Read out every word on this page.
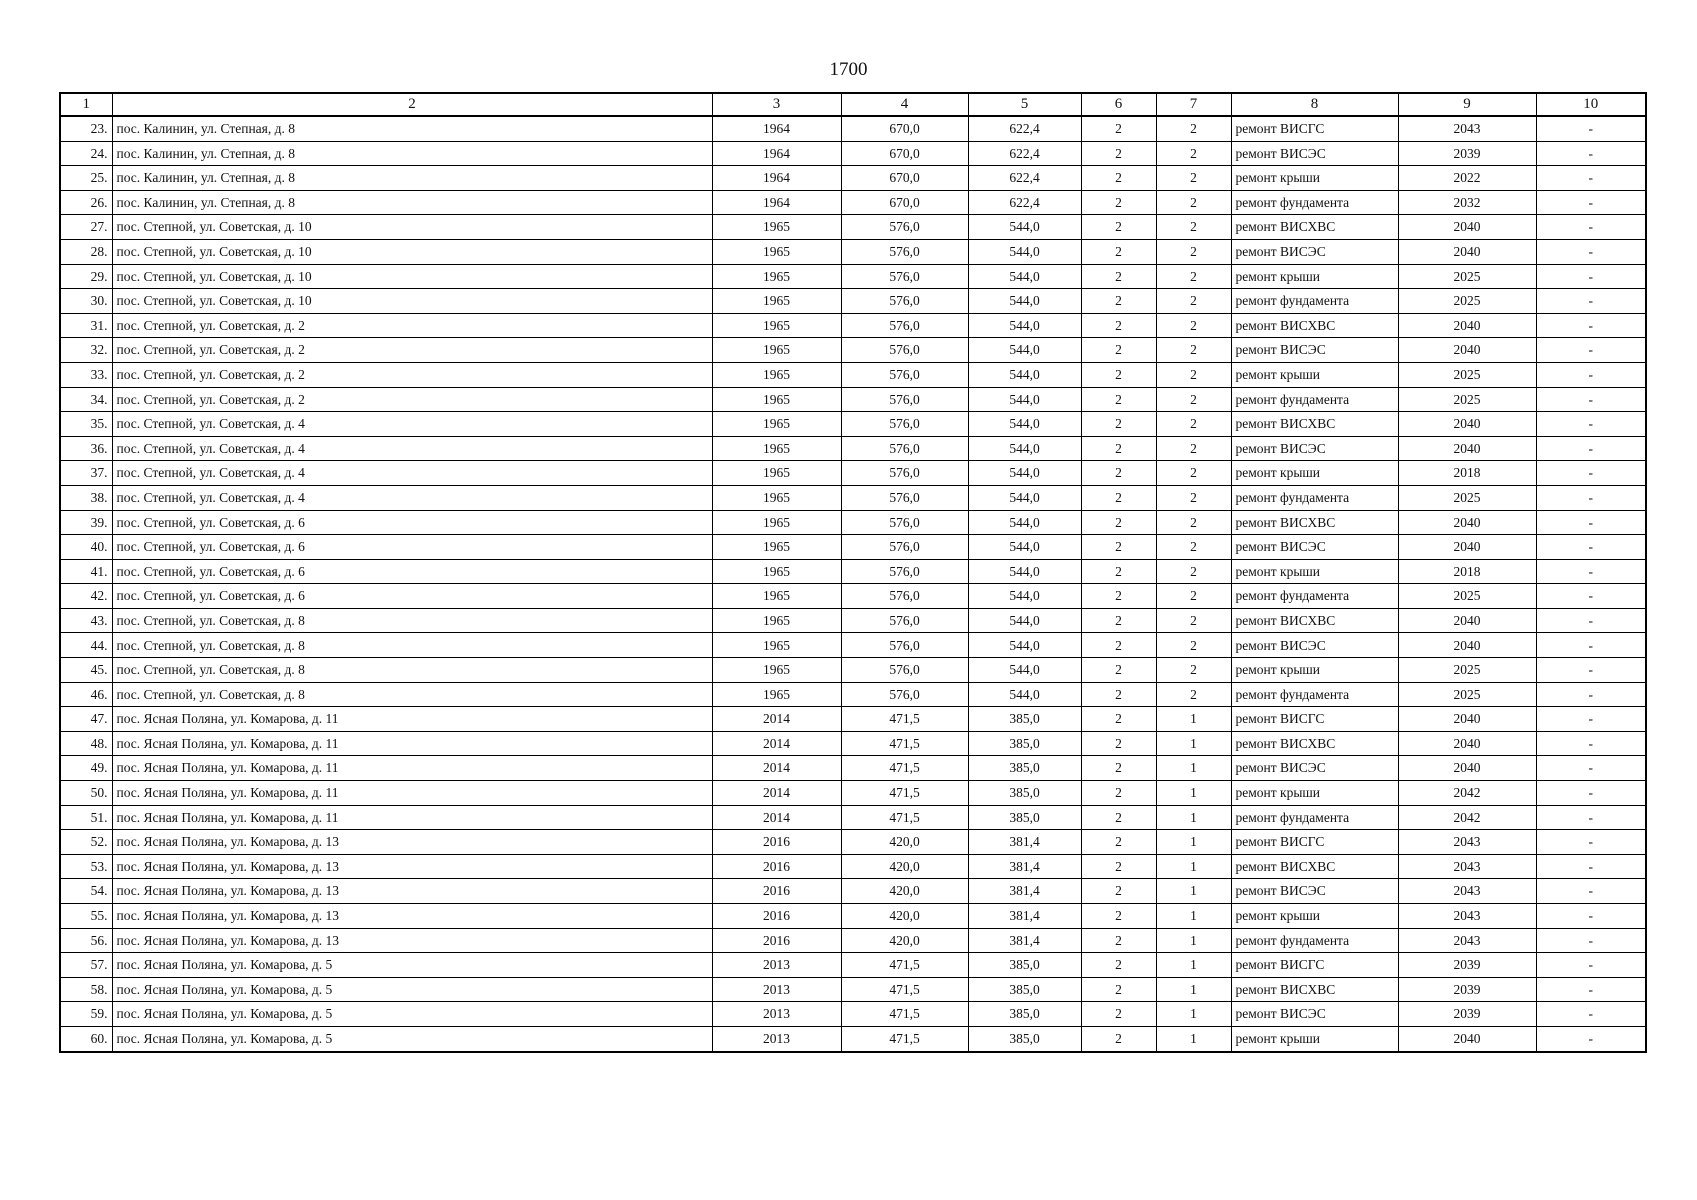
1700
1	2	3	4	5	6	7	8	9	10
23.	пос. Калинин, ул. Степная, д. 8	1964	670,0	622,4	2	2	ремонт ВИСГС	2043	-
24.	пос. Калинин, ул. Степная, д. 8	1964	670,0	622,4	2	2	ремонт ВИСЭС	2039	-
25.	пос. Калинин, ул. Степная, д. 8	1964	670,0	622,4	2	2	ремонт крыши	2022	-
26.	пос. Калинин, ул. Степная, д. 8	1964	670,0	622,4	2	2	ремонт фундамента	2032	-
27.	пос. Степной, ул. Советская, д. 10	1965	576,0	544,0	2	2	ремонт ВИСХВС	2040	-
28.	пос. Степной, ул. Советская, д. 10	1965	576,0	544,0	2	2	ремонт ВИСЭС	2040	-
29.	пос. Степной, ул. Советская, д. 10	1965	576,0	544,0	2	2	ремонт крыши	2025	-
30.	пос. Степной, ул. Советская, д. 10	1965	576,0	544,0	2	2	ремонт фундамента	2025	-
31.	пос. Степной, ул. Советская, д. 2	1965	576,0	544,0	2	2	ремонт ВИСХВС	2040	-
32.	пос. Степной, ул. Советская, д. 2	1965	576,0	544,0	2	2	ремонт ВИСЭС	2040	-
33.	пос. Степной, ул. Советская, д. 2	1965	576,0	544,0	2	2	ремонт крыши	2025	-
34.	пос. Степной, ул. Советская, д. 2	1965	576,0	544,0	2	2	ремонт фундамента	2025	-
35.	пос. Степной, ул. Советская, д. 4	1965	576,0	544,0	2	2	ремонт ВИСХВС	2040	-
36.	пос. Степной, ул. Советская, д. 4	1965	576,0	544,0	2	2	ремонт ВИСЭС	2040	-
37.	пос. Степной, ул. Советская, д. 4	1965	576,0	544,0	2	2	ремонт крыши	2018	-
38.	пос. Степной, ул. Советская, д. 4	1965	576,0	544,0	2	2	ремонт фундамента	2025	-
39.	пос. Степной, ул. Советская, д. 6	1965	576,0	544,0	2	2	ремонт ВИСХВС	2040	-
40.	пос. Степной, ул. Советская, д. 6	1965	576,0	544,0	2	2	ремонт ВИСЭС	2040	-
41.	пос. Степной, ул. Советская, д. 6	1965	576,0	544,0	2	2	ремонт крыши	2018	-
42.	пос. Степной, ул. Советская, д. 6	1965	576,0	544,0	2	2	ремонт фундамента	2025	-
43.	пос. Степной, ул. Советская, д. 8	1965	576,0	544,0	2	2	ремонт ВИСХВС	2040	-
44.	пос. Степной, ул. Советская, д. 8	1965	576,0	544,0	2	2	ремонт ВИСЭС	2040	-
45.	пос. Степной, ул. Советская, д. 8	1965	576,0	544,0	2	2	ремонт крыши	2025	-
46.	пос. Степной, ул. Советская, д. 8	1965	576,0	544,0	2	2	ремонт фундамента	2025	-
47.	пос. Ясная Поляна, ул. Комарова, д. 11	2014	471,5	385,0	2	1	ремонт ВИСГС	2040	-
48.	пос. Ясная Поляна, ул. Комарова, д. 11	2014	471,5	385,0	2	1	ремонт ВИСХВС	2040	-
49.	пос. Ясная Поляна, ул. Комарова, д. 11	2014	471,5	385,0	2	1	ремонт ВИСЭС	2040	-
50.	пос. Ясная Поляна, ул. Комарова, д. 11	2014	471,5	385,0	2	1	ремонт крыши	2042	-
51.	пос. Ясная Поляна, ул. Комарова, д. 11	2014	471,5	385,0	2	1	ремонт фундамента	2042	-
52.	пос. Ясная Поляна, ул. Комарова, д. 13	2016	420,0	381,4	2	1	ремонт ВИСГС	2043	-
53.	пос. Ясная Поляна, ул. Комарова, д. 13	2016	420,0	381,4	2	1	ремонт ВИСХВС	2043	-
54.	пос. Ясная Поляна, ул. Комарова, д. 13	2016	420,0	381,4	2	1	ремонт ВИСЭС	2043	-
55.	пос. Ясная Поляна, ул. Комарова, д. 13	2016	420,0	381,4	2	1	ремонт крыши	2043	-
56.	пос. Ясная Поляна, ул. Комарова, д. 13	2016	420,0	381,4	2	1	ремонт фундамента	2043	-
57.	пос. Ясная Поляна, ул. Комарова, д. 5	2013	471,5	385,0	2	1	ремонт ВИСГС	2039	-
58.	пос. Ясная Поляна, ул. Комарова, д. 5	2013	471,5	385,0	2	1	ремонт ВИСХВС	2039	-
59.	пос. Ясная Поляна, ул. Комарова, д. 5	2013	471,5	385,0	2	1	ремонт ВИСЭС	2039	-
60.	пос. Ясная Поляна, ул. Комарова, д. 5	2013	471,5	385,0	2	1	ремонт крыши	2040	-
